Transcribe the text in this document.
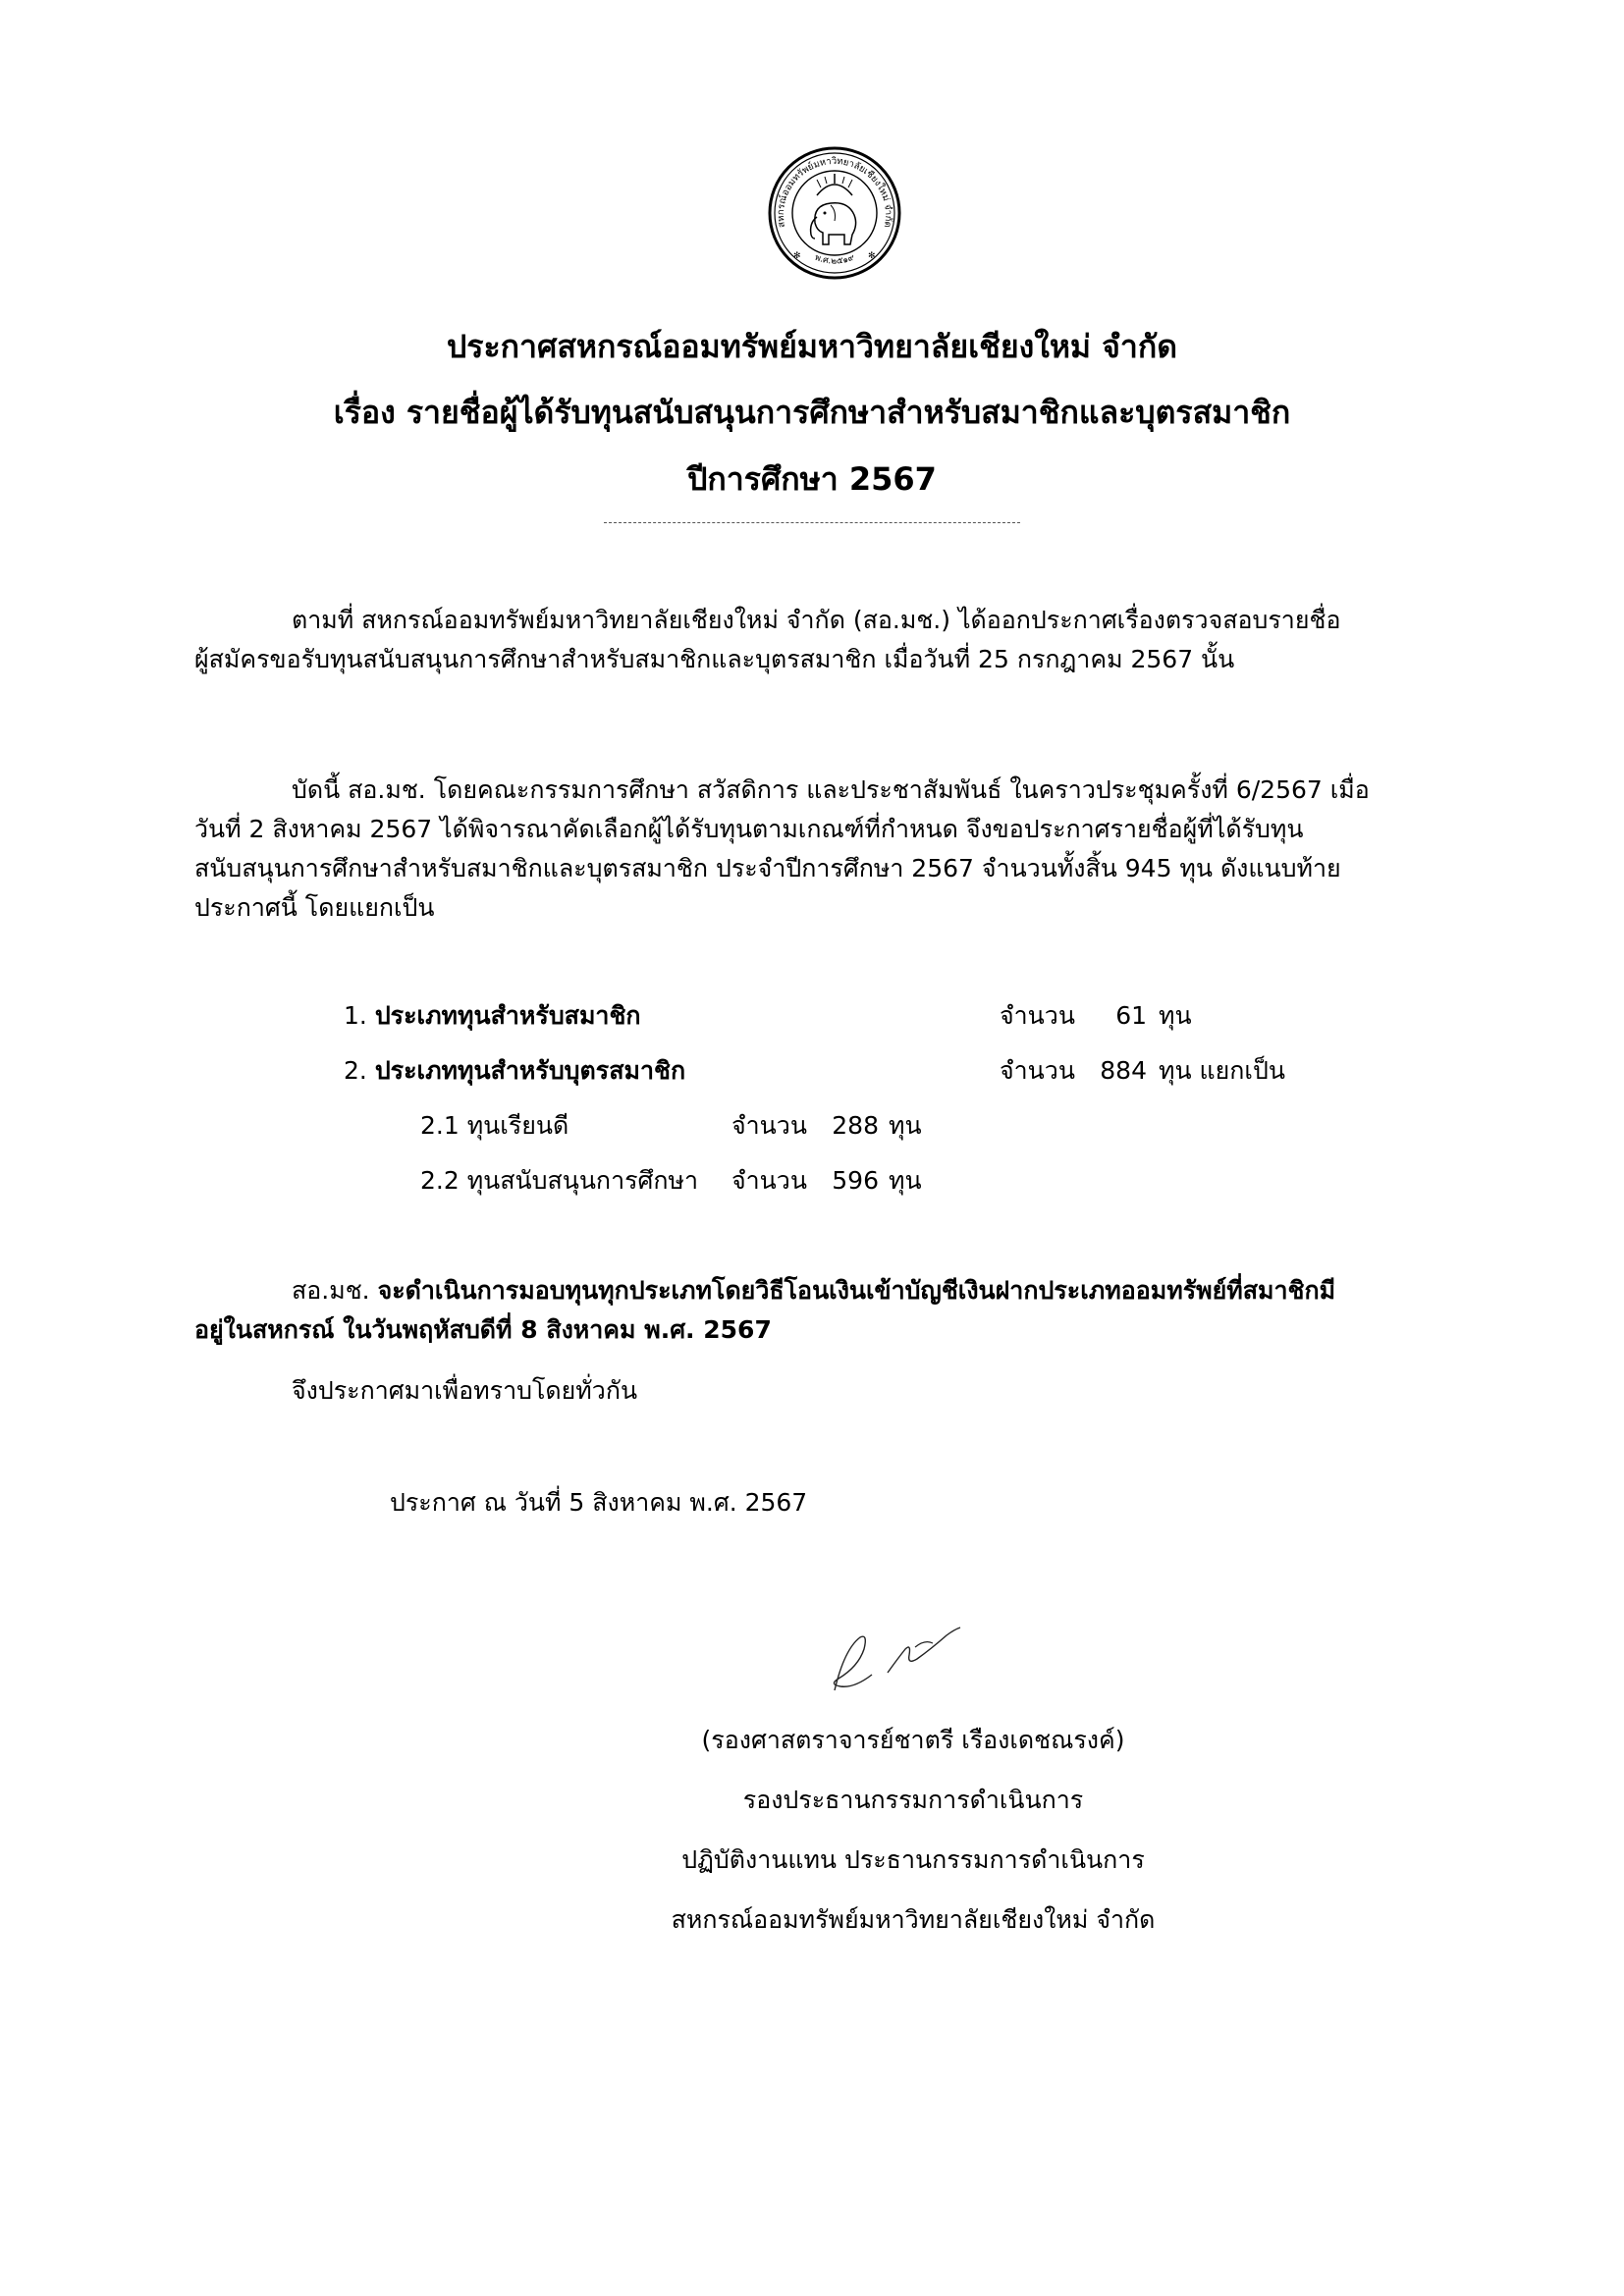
สหกรณ์ออมทรัพย์มหาวิทยาลัยเชียงใหม่ จำกัด
พ.ศ.๒๕๑๙
✻	✻
ประกาศสหกรณ์ออมทรัพย์มหาวิทยาลัยเชียงใหม่ จำกัด
เรื่อง รายชื่อผู้ได้รับทุนสนับสนุนการศึกษาสำหรับสมาชิกและบุตรสมาชิก
ปีการศึกษา 2567
ตามที่ สหกรณ์ออมทรัพย์มหาวิทยาลัยเชียงใหม่ จำกัด (สอ.มช.) ได้ออกประกาศเรื่องตรวจสอบรายชื่อ
ผู้สมัครขอรับทุนสนับสนุนการศึกษาสำหรับสมาชิกและบุตรสมาชิก เมื่อวันที่ 25 กรกฎาคม 2567 นั้น
บัดนี้ สอ.มช. โดยคณะกรรมการศึกษา สวัสดิการ และประชาสัมพันธ์ ในคราวประชุมครั้งที่ 6/2567 เมื่อ
วันที่ 2 สิงหาคม 2567 ได้พิจารณาคัดเลือกผู้ได้รับทุนตามเกณฑ์ที่กำหนด จึงขอประกาศรายชื่อผู้ที่ได้รับทุน
สนับสนุนการศึกษาสำหรับสมาชิกและบุตรสมาชิก ประจำปีการศึกษา 2567 จำนวนทั้งสิ้น 945 ทุน ดังแนบท้าย
ประกาศนี้ โดยแยกเป็น
1. ประเภททุนสำหรับสมาชิก	จำนวน 61 ทุน
2. ประเภททุนสำหรับบุตรสมาชิก	จำนวน 884 ทุน แยกเป็น
2.1 ทุนเรียนดี	จำนวน 288 ทุน
2.2 ทุนสนับสนุนการศึกษา จำนวน 596 ทุน
สอ.มช. จะดำเนินการมอบทุนทุกประเภทโดยวิธีโอนเงินเข้าบัญชีเงินฝากประเภทออมทรัพย์ที่สมาชิกมี
อยู่ในสหกรณ์ ในวันพฤหัสบดีที่ 8 สิงหาคม พ.ศ. 2567
จึงประกาศมาเพื่อทราบโดยทั่วกัน
ประกาศ ณ วันที่ 5 สิงหาคม พ.ศ. 2567
(รองศาสตราจารย์ชาตรี เรืองเดชณรงค์)
รองประธานกรรมการดำเนินการ
ปฏิบัติงานแทน ประธานกรรมการดำเนินการ
สหกรณ์ออมทรัพย์มหาวิทยาลัยเชียงใหม่ จำกัด
